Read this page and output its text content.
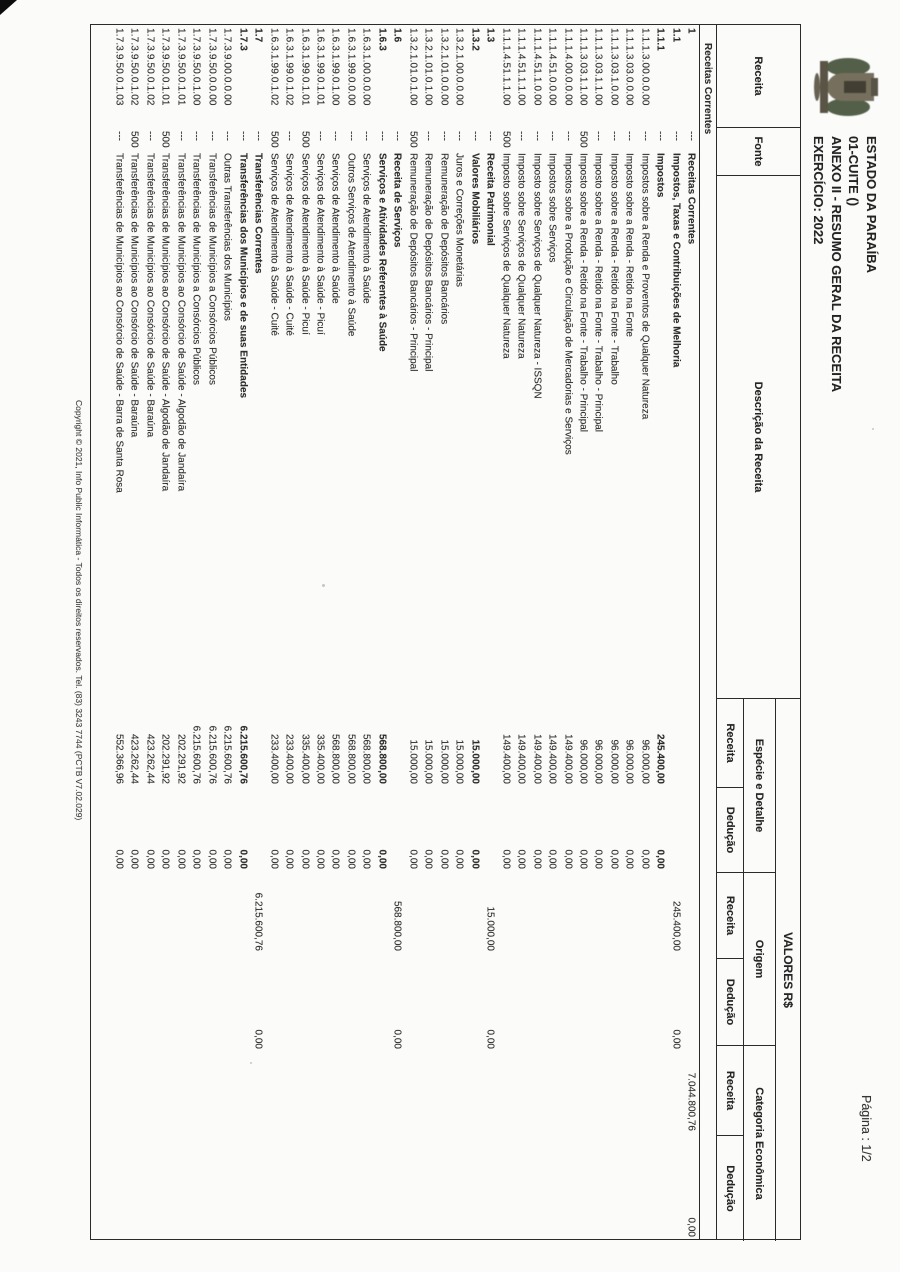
ESTADO DA PARAÍBA
01-CUITE ()
ANEXO II - RESUMO GERAL DA RECEITA
EXERCÍCIO: 2022
Página : 1/2
Receita
Fonte
Descrição da Receita
VALORES R$
Espécie e Detalhe
Origem
Categoria Econômica
Receita
Dedução
Receita
Dedução
Receita
Dedução
Receitas Correntes
1
---
Receitas Correntes
7.044.800,76
0,00
1.1
---
Impostos, Taxas e Contribuições de Melhoria
245.400,00
0,00
1.1.1
---
Impostos
245.400,00
0,00
1.1.1.3.00.0.0.00
---
Impostos sobre a Renda e Proventos de Qualquer Natureza
96.000,00
0,00
1.1.1.3.03.0.0.00
---
Imposto sobre a Renda - Retido na Fonte
96.000,00
0,00
1.1.1.3.03.1.0.00
---
Imposto sobre a Renda - Retido na Fonte - Trabalho
96.000,00
0,00
1.1.1.3.03.1.1.00
---
Imposto sobre a Renda - Retido na Fonte - Trabalho - Principal
96.000,00
0,00
1.1.1.3.03.1.1.00
500
Imposto sobre a Renda - Retido na Fonte - Trabalho - Principal
96.000,00
0,00
1.1.1.4.00.0.0.00
---
Impostos sobre a Produção e Circulação de Mercadorias e Serviços
149.400,00
0,00
1.1.1.4.51.0.0.00
---
Impostos sobre Serviços
149.400,00
0,00
1.1.1.4.51.1.0.00
---
Imposto sobre Serviços de Qualquer Natureza - ISSQN
149.400,00
0,00
1.1.1.4.51.1.1.00
---
Imposto sobre Serviços de Qualquer Natureza
149.400,00
0,00
1.1.1.4.51.1.1.00
500
Imposto sobre Serviços de Qualquer Natureza
149.400,00
0,00
1.3
---
Receita Patrimonial
15.000,00
0,00
1.3.2
---
Valores Mobiliários
15.000,00
0,00
1.3.2.1.00.0.0.00
---
Juros e Correções Monetárias
15.000,00
0,00
1.3.2.1.01.0.0.00
---
Remuneração de Depósitos Bancários
15.000,00
0,00
1.3.2.1.01.0.1.00
---
Remuneração de Depósitos Bancários - Principal
15.000,00
0,00
1.3.2.1.01.0.1.00
500
Remuneração de Depósitos Bancários - Principal
15.000,00
0,00
1.6
---
Receita de Serviços
568.800,00
0,00
1.6.3
---
Serviços e Atividades Referentes à Saúde
568.800,00
0,00
1.6.3.1.00.0.0.00
---
Serviços de Atendimento à Saúde
568.800,00
0,00
1.6.3.1.99.0.0.00
---
Outros Serviços de Atendimento à Saúde
568.800,00
0,00
1.6.3.1.99.0.1.00
---
Serviços de Atendimento à Saúde
568.800,00
0,00
1.6.3.1.99.0.1.01
---
Serviços de Atendimento à Saúde - Picuí
335.400,00
0,00
1.6.3.1.99.0.1.01
500
Serviços de Atendimento à Saúde - Picuí
335.400,00
0,00
1.6.3.1.99.0.1.02
---
Serviços de Atendimento à Saúde - Cuité
233.400,00
0,00
1.6.3.1.99.0.1.02
500
Serviços de Atendimento à Saúde - Cuité
233.400,00
0,00
1.7
---
Transferências Correntes
6.215.600,76
0,00
1.7.3
---
Transferências dos Municípios e de suas Entidades
6.215.600,76
0,00
1.7.3.9.00.0.0.00
---
Outras Transferências dos Municípios
6.215.600,76
0,00
1.7.3.9.50.0.0.00
---
Transferências de Municípios a Consórcios Públicos
6.215.600,76
0,00
1.7.3.9.50.0.1.00
---
Transferências de Municípios a Consórcios Públicos
6.215.600,76
0,00
1.7.3.9.50.0.1.01
---
Transferências de Municípios ao Consórcio de Saúde - Algodão de Jandaíra
202.291,92
0,00
1.7.3.9.50.0.1.01
500
Transferências de Municípios ao Consórcio de Saúde - Algodão de Jandaíra
202.291,92
0,00
1.7.3.9.50.0.1.02
---
Transferências de Municípios ao Consórcio de Saúde - Baraúna
423.262,44
0,00
1.7.3.9.50.0.1.02
500
Transferências de Municípios ao Consórcio de Saúde - Baraúna
423.262,44
0,00
1.7.3.9.50.0.1.03
---
Transferências de Municípios ao Consórcio de Saúde - Barra de Santa Rosa
552.366,96
0,00
Copyright © 2021, Info Public Informática - Todos os direitos reservados. Tel. (83) 3243 7744 (PCTB V7.02.029)
